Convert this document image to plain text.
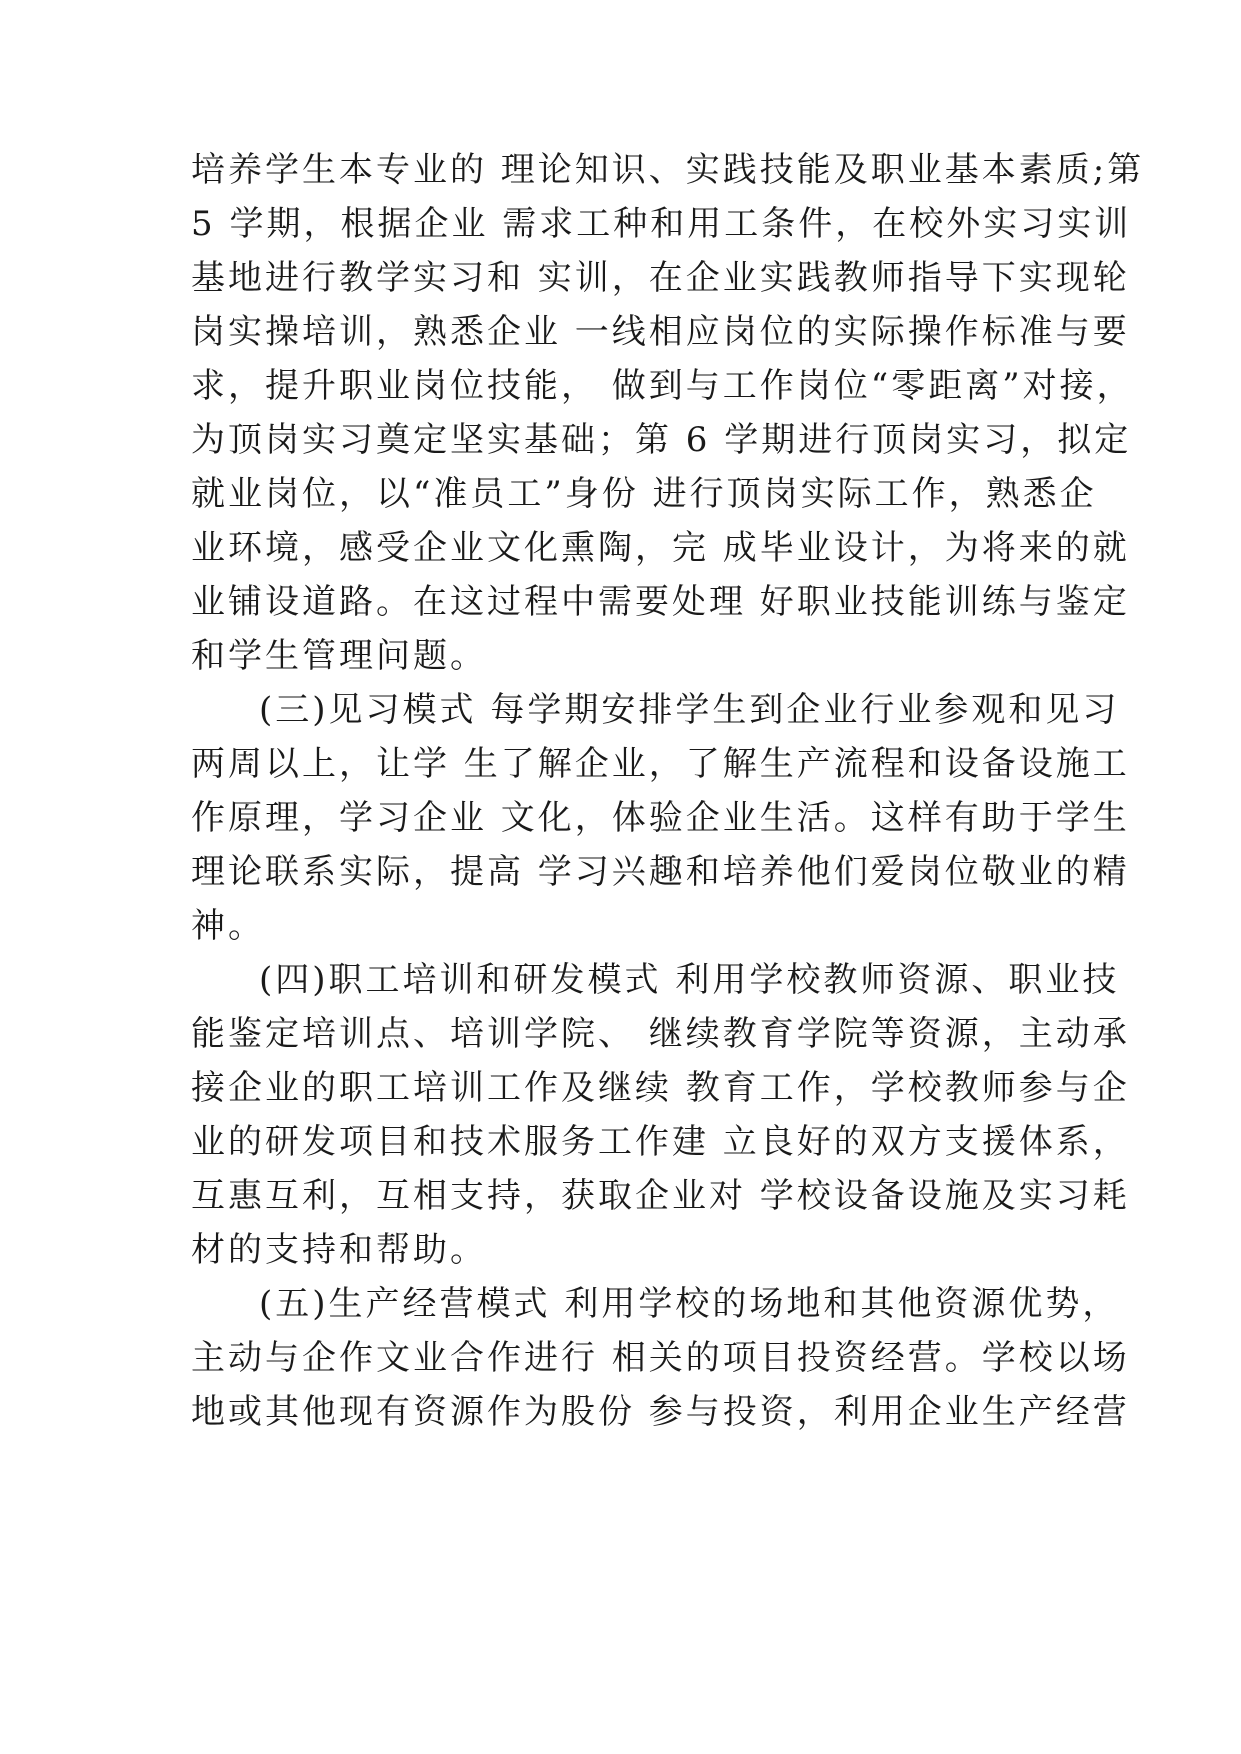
培养学生本专业的 理论知识、实践技能及职业基本素质;第
5 学期，根据企业 需求工种和用工条件，在校外实习实训
基地进行教学实习和 实训，在企业实践教师指导下实现轮
岗实操培训，熟悉企业 一线相应岗位的实际操作标准与要
求，提升职业岗位技能， 做到与工作岗位“零距离”对接，
为顶岗实习奠定坚实基础；第 6 学期进行顶岗实习，拟定
就业岗位，以“准员工”身份 进行顶岗实际工作，熟悉企
业环境，感受企业文化熏陶，完 成毕业设计，为将来的就
业铺设道路。在这过程中需要处理 好职业技能训练与鉴定
和学生管理问题。
(三)见习模式 每学期安排学生到企业行业参观和见习
两周以上，让学 生了解企业，了解生产流程和设备设施工
作原理，学习企业 文化，体验企业生活。这样有助于学生
理论联系实际，提高 学习兴趣和培养他们爱岗位敬业的精
神。
(四)职工培训和研发模式 利用学校教师资源、职业技
能鉴定培训点、培训学院、 继续教育学院等资源，主动承
接企业的职工培训工作及继续 教育工作，学校教师参与企
业的研发项目和技术服务工作建 立良好的双方支援体系，
互惠互利，互相支持，获取企业对 学校设备设施及实习耗
材的支持和帮助。
(五)生产经营模式 利用学校的场地和其他资源优势，
主动与企作文业合作进行 相关的项目投资经营。学校以场
地或其他现有资源作为股份 参与投资，利用企业生产经营
